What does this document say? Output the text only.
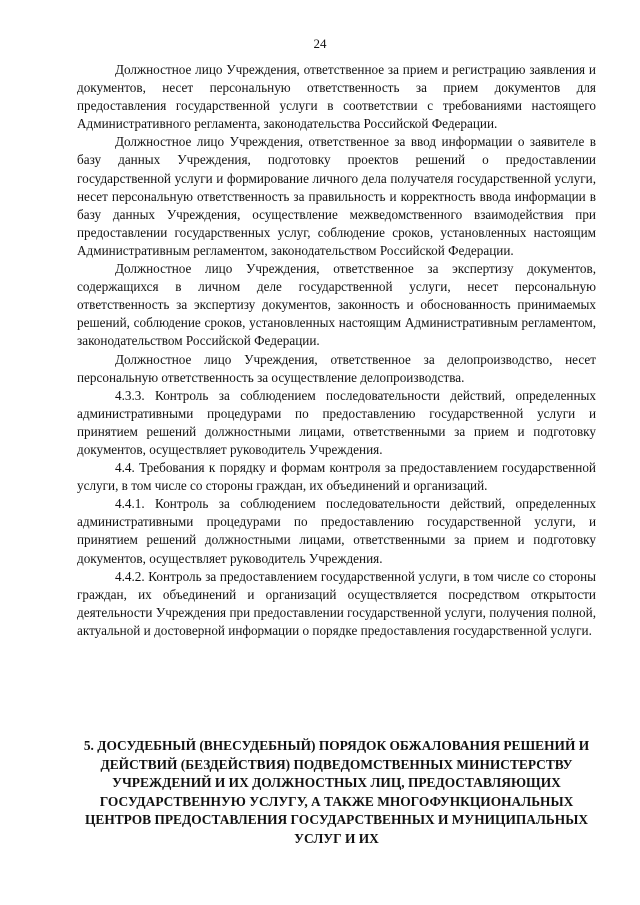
24

Должностное лицо Учреждения, ответственное за прием и регистрацию заявления и документов, несет персональную ответственность за прием документов для предоставления государственной услуги в соответствии с требованиями настоящего Административного регламента, законодательства Российской Федерации.

Должностное лицо Учреждения, ответственное за ввод информации о заявителе в базу данных Учреждения, подготовку проектов решений о предоставлении государственной услуги и формирование личного дела получателя государственной услуги, несет персональную ответственность за правильность и корректность ввода информации в базу данных Учреждения, осуществление межведомственного взаимодействия при предоставлении государственных услуг, соблюдение сроков, установленных настоящим Административным регламентом, законодательством Российской Федерации.

Должностное лицо Учреждения, ответственное за экспертизу документов, содержащихся в личном деле государственной услуги, несет персональную ответственность за экспертизу документов, законность и обоснованность принимаемых решений, соблюдение сроков, установленных настоящим Административным регламентом, законодательством Российской Федерации.

Должностное лицо Учреждения, ответственное за делопроизводство, несет персональную ответственность за осуществление делопроизводства.

4.3.3. Контроль за соблюдением последовательности действий, определенных административными процедурами по предоставлению государственной услуги и принятием решений должностными лицами, ответственными за прием и подготовку документов, осуществляет руководитель Учреждения.

4.4. Требования к порядку и формам контроля за предоставлением государственной услуги, в том числе со стороны граждан, их объединений и организаций.

4.4.1. Контроль за соблюдением последовательности действий, определенных административными процедурами по предоставлению государственной услуги, и принятием решений должностными лицами, ответственными за прием и подготовку документов, осуществляет руководитель Учреждения.

4.4.2. Контроль за предоставлением государственной услуги, в том числе со стороны граждан, их объединений и организаций осуществляется посредством открытости деятельности Учреждения при предоставлении государственной услуги, получения полной, актуальной и достоверной информации о порядке предоставления государственной услуги.

5. ДОСУДЕБНЫЙ (ВНЕСУДЕБНЫЙ) ПОРЯДОК ОБЖАЛОВАНИЯ РЕШЕНИЙ И ДЕЙСТВИЙ (БЕЗДЕЙСТВИЯ) ПОДВЕДОМСТВЕННЫХ МИНИСТЕРСТВУ УЧРЕЖДЕНИЙ И ИХ ДОЛЖНОСТНЫХ ЛИЦ, ПРЕДОСТАВЛЯЮЩИХ ГОСУДАРСТВЕННУЮ УСЛУГУ, А ТАКЖЕ МНОГОФУНКЦИОНАЛЬНЫХ ЦЕНТРОВ ПРЕДОСТАВЛЕНИЯ ГОСУДАРСТВЕННЫХ И МУНИЦИПАЛЬНЫХ УСЛУГ И ИХ
